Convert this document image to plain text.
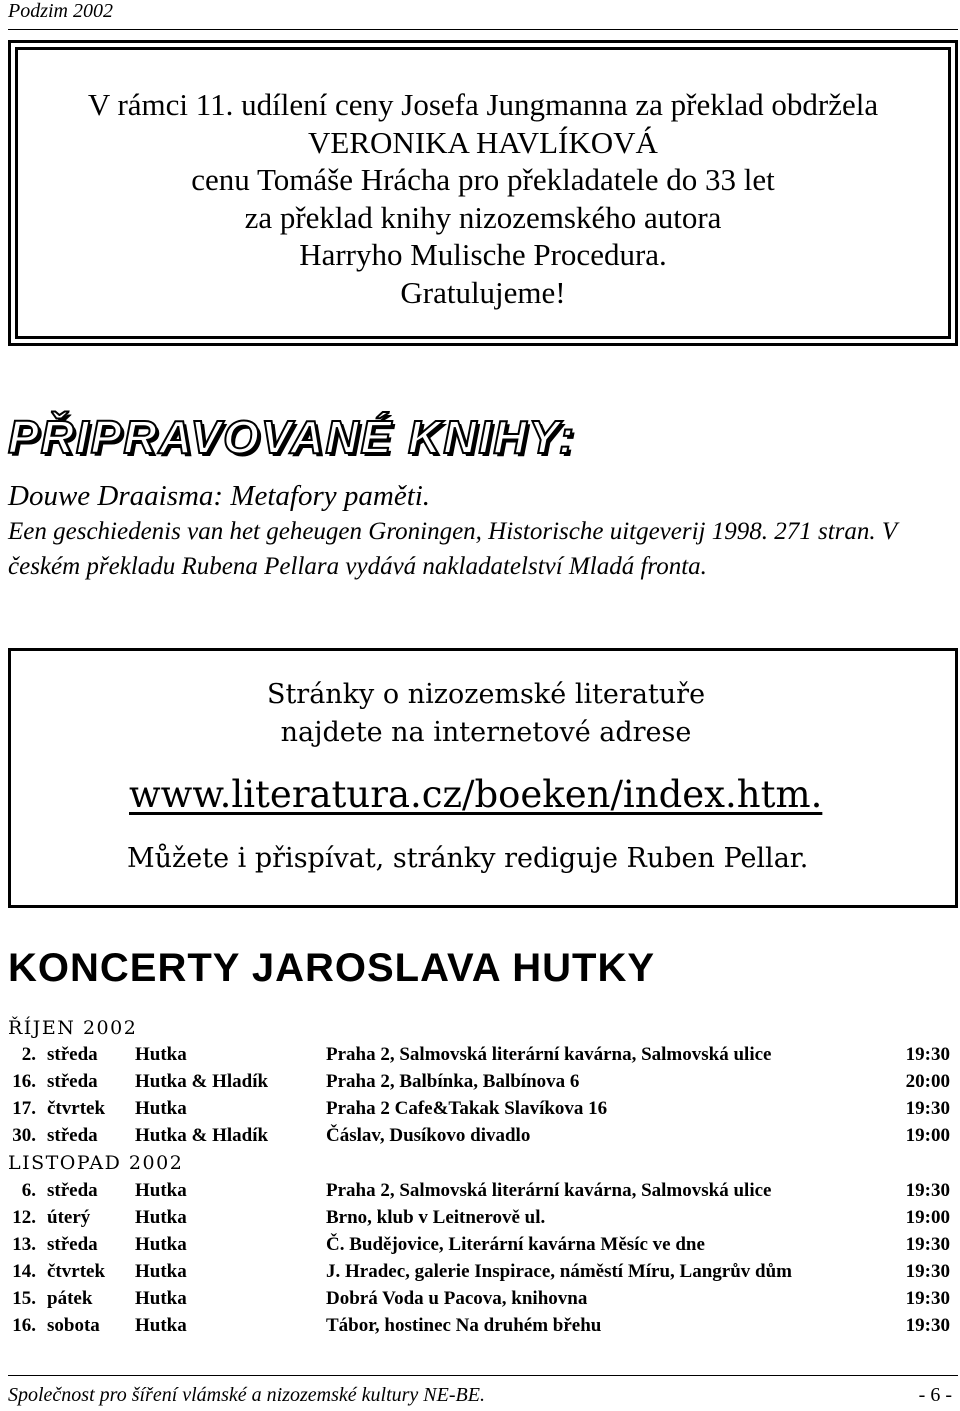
Podzim 2002
V rámci 11. udílení ceny Josefa Jungmanna za překlad obdržela
VERONIKA HAVLÍKOVÁ
cenu Tomáše Hrácha pro překladatele do 33 let
za překlad knihy nizozemského autora
Harryho Mulische Procedura.
Gratulujeme!
PŘIPRAVOVANÉ KNIHY:
Douwe Draaisma: Metafory paměti.
Een geschiedenis van het geheugen Groningen, Historische uitgeverij 1998. 271 stran. V českém překladu Rubena Pellara vydává nakladatelství Mladá fronta.
Stránky o nizozemské literatuře
najdete na internetové adrese
www.literatura.cz/boeken/index.htm.
Můžete i přispívat, stránky rediguje Ruben Pellar.
KONCERTY JAROSLAVA HUTKY
ŘÍJEN 2002
2. středa Hutka	Praha 2, Salmovská literární kavárna, Salmovská ulice	19:30
16. středa Hutka & Hladík	Praha 2, Balbínka, Balbínova 6	20:00
17. čtvrtek Hutka	Praha 2 Cafe&Takak Slavíkova 16	19:30
30. středa Hutka & Hladík	Čáslav, Dusíkovo divadlo	19:00
LISTOPAD 2002
6. středa Hutka	Praha 2, Salmovská literární kavárna, Salmovská ulice	19:30
12. úterý Hutka	Brno, klub v Leitnerově ul.	19:00
13. středa Hutka	Č. Budějovice, Literární kavárna Měsíc ve dne	19:30
14. čtvrtek Hutka	J. Hradec, galerie Inspirace, náměstí Míru, Langrův dům	19:30
15. pátek Hutka	Dobrá Voda u Pacova, knihovna	19:30
16. sobota Hutka	Tábor, hostinec Na druhém břehu	19:30
Společnost pro šíření vlámské a nizozemské kultury NE-BE.	- 6 -
